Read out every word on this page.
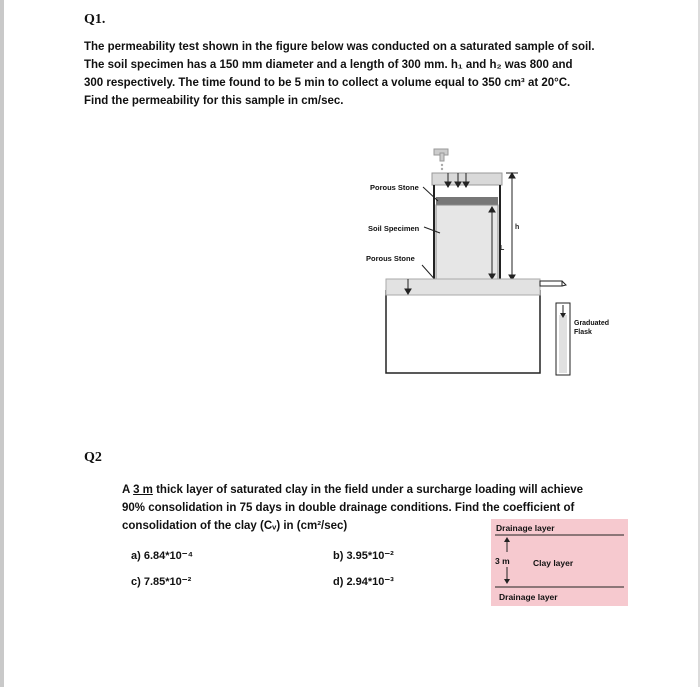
Q1.
The permeability test shown in the figure below was conducted on a saturated sample of soil.
The soil specimen has a 150 mm diameter and a length of 300 mm. h₁ and h₂ was 800 and
300 respectively. The time found to be 5 min to collect a volume equal to 350 cm³ at 20°C.
Find the permeability for this sample in cm/sec.
h
L
Porous Stone
Soil Specimen
Porous Stone
Graduated
Flask
Q2
A 3 m thick layer of saturated clay in the field under a surcharge loading will achieve
90% consolidation in 75 days in double drainage conditions. Find the coefficient of
consolidation of the clay (Cᵥ) in (cm²/sec)
a) 6.84*10⁻⁴	b) 3.95*10⁻²
c) 7.85*10⁻²	d) 2.94*10⁻³
Drainage layer
3 m	Clay layer
Drainage layer
